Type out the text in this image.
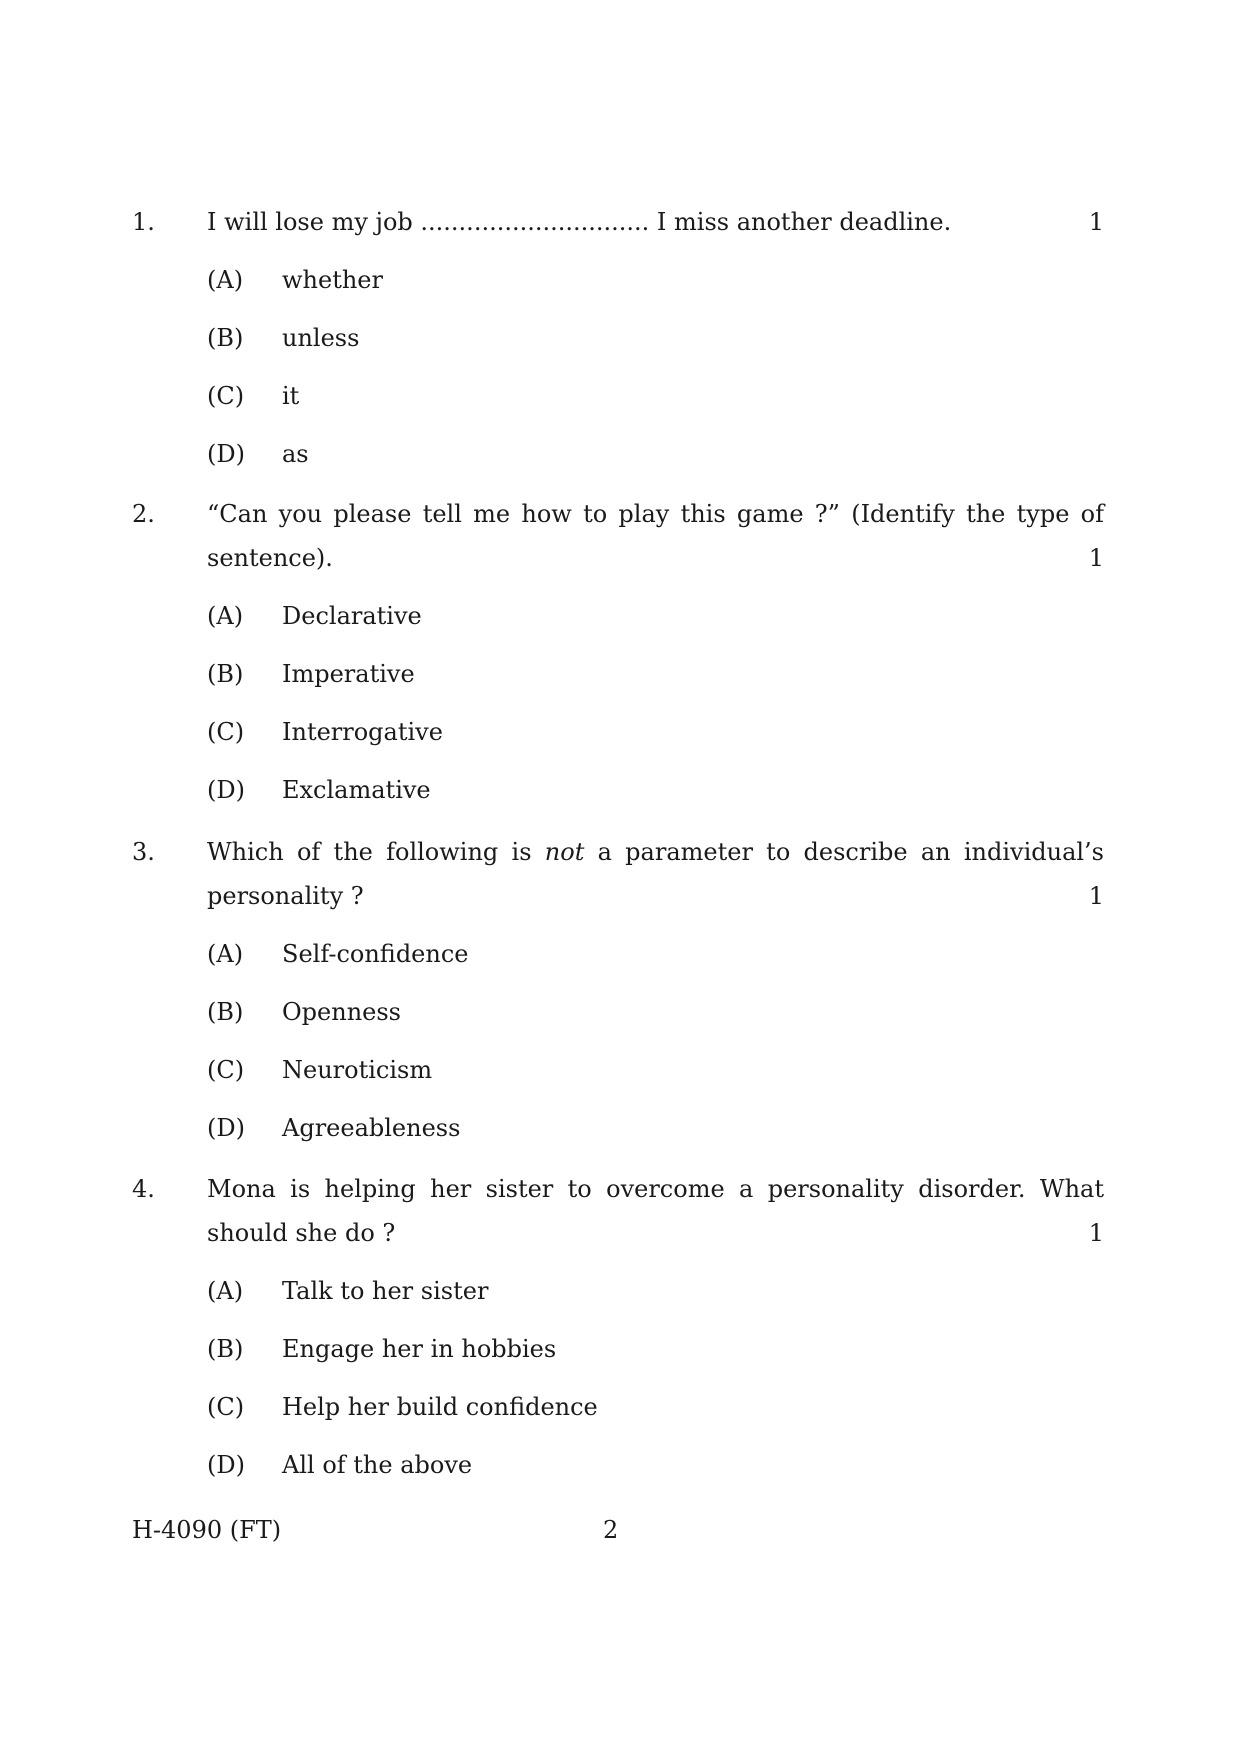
1. I will lose my job .............................. I miss another deadline.	1
(A)	whether
(B)	unless
(C)	it
(D)	as
2. “Can you please tell me how to play this game ?” (Identify the type of sentence).	1
(A)	Declarative
(B)	Imperative
(C)	Interrogative
(D)	Exclamative
3. Which of the following is not a parameter to describe an individual’s personality ?	1
(A)	Self-confidence
(B)	Openness
(C)	Neuroticism
(D)	Agreeableness
4. Mona is helping her sister to overcome a personality disorder. What should she do ?	1
(A)	Talk to her sister
(B)	Engage her in hobbies
(C)	Help her build confidence
(D)	All of the above
H-4090 (FT)	2
